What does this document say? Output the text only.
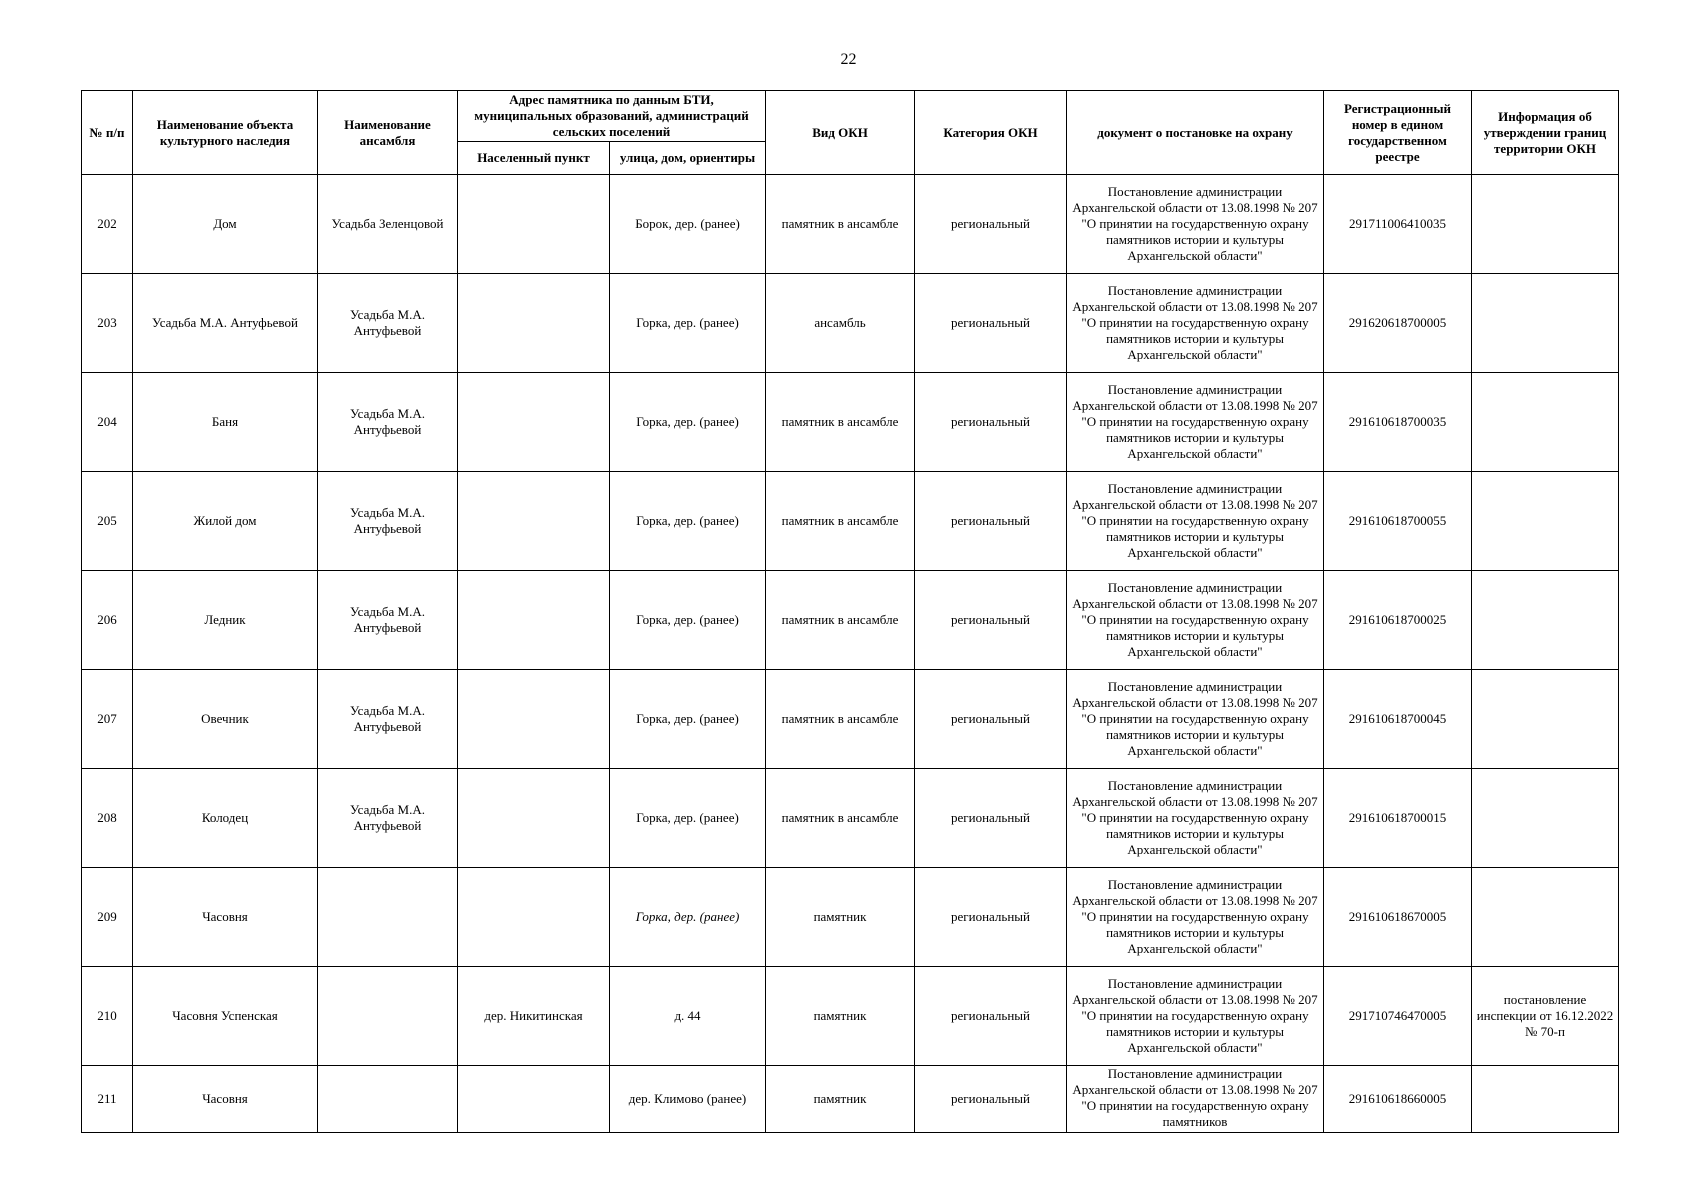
22
№ п/п	Наименование объекта культурного наследия	Наименование ансамбля	Адрес памятника по данным БТИ, муниципальных образований, администраций сельских поселений		Вид ОКН	Категория ОКН	документ о постановке на охрану	Регистрационный номер в едином государственном реестре	Информация об утверждении границ территории ОКН
			Населенный пункт	улица, дом, ориентиры					
202	Дом	Усадьба Зеленцовой		Борок, дер. (ранее)	памятник в ансамбле	региональный	Постановление администрации Архангельской области от 13.08.1998 № 207 "О принятии на государственную охрану памятников истории и культуры Архангельской области"	291711006410035	
203	Усадьба М.А. Антуфьевой	Усадьба М.А. Антуфьевой		Горка, дер. (ранее)	ансамбль	региональный	Постановление администрации Архангельской области от 13.08.1998 № 207 "О принятии на государственную охрану памятников истории и культуры Архангельской области"	291620618700005	
204	Баня	Усадьба М.А. Антуфьевой		Горка, дер. (ранее)	памятник в ансамбле	региональный	Постановление администрации Архангельской области от 13.08.1998 № 207 "О принятии на государственную охрану памятников истории и культуры Архангельской области"	291610618700035	
205	Жилой дом	Усадьба М.А. Антуфьевой		Горка, дер. (ранее)	памятник в ансамбле	региональный	Постановление администрации Архангельской области от 13.08.1998 № 207 "О принятии на государственную охрану памятников истории и культуры Архангельской области"	291610618700055	
206	Ледник	Усадьба М.А. Антуфьевой		Горка, дер. (ранее)	памятник в ансамбле	региональный	Постановление администрации Архангельской области от 13.08.1998 № 207 "О принятии на государственную охрану памятников истории и культуры Архангельской области"	291610618700025	
207	Овечник	Усадьба М.А. Антуфьевой		Горка, дер. (ранее)	памятник в ансамбле	региональный	Постановление администрации Архангельской области от 13.08.1998 № 207 "О принятии на государственную охрану памятников истории и культуры Архангельской области"	291610618700045	
208	Колодец	Усадьба М.А. Антуфьевой		Горка, дер. (ранее)	памятник в ансамбле	региональный	Постановление администрации Архангельской области от 13.08.1998 № 207 "О принятии на государственную охрану памятников истории и культуры Архангельской области"	291610618700015	
209	Часовня			Горка, дер. (ранее)	памятник	региональный	Постановление администрации Архангельской области от 13.08.1998 № 207 "О принятии на государственную охрану памятников истории и культуры Архангельской области"	291610618670005	
210	Часовня Успенская		дер. Никитинская	д. 44	памятник	региональный	Постановление администрации Архангельской области от 13.08.1998 № 207 "О принятии на государственную охрану памятников истории и культуры Архангельской области"	291710746470005	постановление инспекции от 16.12.2022 № 70-п
211	Часовня			дер. Климово (ранее)	памятник	региональный	Постановление администрации Архангельской области от 13.08.1998 № 207 "О принятии на государственную охрану памятников	291610618660005	
